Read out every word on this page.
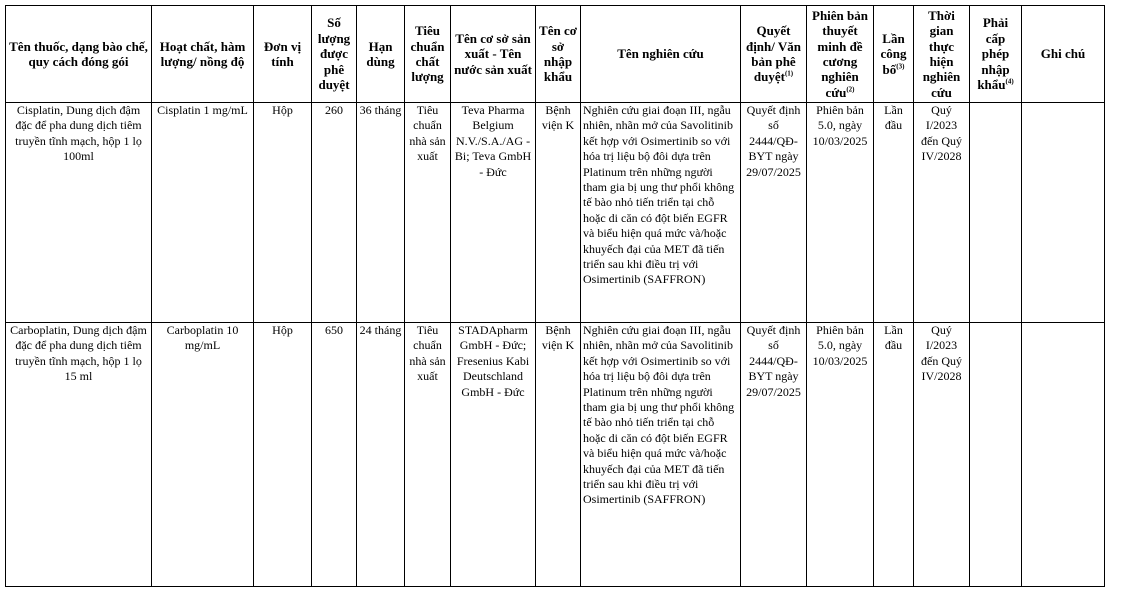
Tên thuốc, dạng bào chế, quy cách đóng gói	Hoạt chất, hàm lượng/ nồng độ	Đơn vị tính	Số lượng được phê duyệt	Hạn dùng	Tiêu chuẩn chất lượng	Tên cơ sở sản xuất - Tên nước sản xuất	Tên cơ sở nhập khẩu	Tên nghiên cứu	Quyết định/ Văn bản phê duyệt$^{(1)}$	Phiên bản thuyết minh đề cương nghiên cứu$^{(2)}$	Lần công bố$^{(3)}$	Thời gian thực hiện nghiên cứu	Phải cấp phép nhập khẩu$^{(4)}$	Ghi chú
Cisplatin, Dung dịch đậm đặc để pha dung dịch tiêm truyền tĩnh mạch, hộp 1 lọ 100ml	Cisplatin 1 mg/mL	Hộp	260	36 tháng	Tiêu chuẩn nhà sản xuất	Teva Pharma Belgium N.V./S.A./AG - Bi; Teva GmbH - Đức	Bệnh viện K	Nghiên cứu giai đoạn III, ngẫu nhiên, nhãn mở của Savolitinib kết hợp với Osimertinib so với hóa trị liệu bộ đôi dựa trên Platinum trên những người tham gia bị ung thư phổi không tế bào nhỏ tiến triển tại chỗ hoặc di căn có đột biến EGFR và biểu hiện quá mức và/hoặc khuyếch đại của MET đã tiến triển sau khi điều trị với Osimertinib (SAFFRON)	Quyết định số 2444/QĐ-BYT ngày 29/07/2025	Phiên bản 5.0, ngày 10/03/2025	Lần đầu	Quý I/2023 đến Quý IV/2028		
Carboplatin, Dung dịch đậm đặc để pha dung dịch tiêm truyền tĩnh mạch, hộp 1 lọ 15 ml	Carboplatin 10 mg/mL	Hộp	650	24 tháng	Tiêu chuẩn nhà sản xuất	STADApharm GmbH - Đức; Fresenius Kabi Deutschland GmbH - Đức	Bệnh viện K	Nghiên cứu giai đoạn III, ngẫu nhiên, nhãn mở của Savolitinib kết hợp với Osimertinib so với hóa trị liệu bộ đôi dựa trên Platinum trên những người tham gia bị ung thư phổi không tế bào nhỏ tiến triển tại chỗ hoặc di căn có đột biến EGFR và biểu hiện quá mức và/hoặc khuyếch đại của MET đã tiến triển sau khi điều trị với Osimertinib (SAFFRON)	Quyết định số 2444/QĐ-BYT ngày 29/07/2025	Phiên bản 5.0, ngày 10/03/2025	Lần đầu	Quý I/2023 đến Quý IV/2028		
